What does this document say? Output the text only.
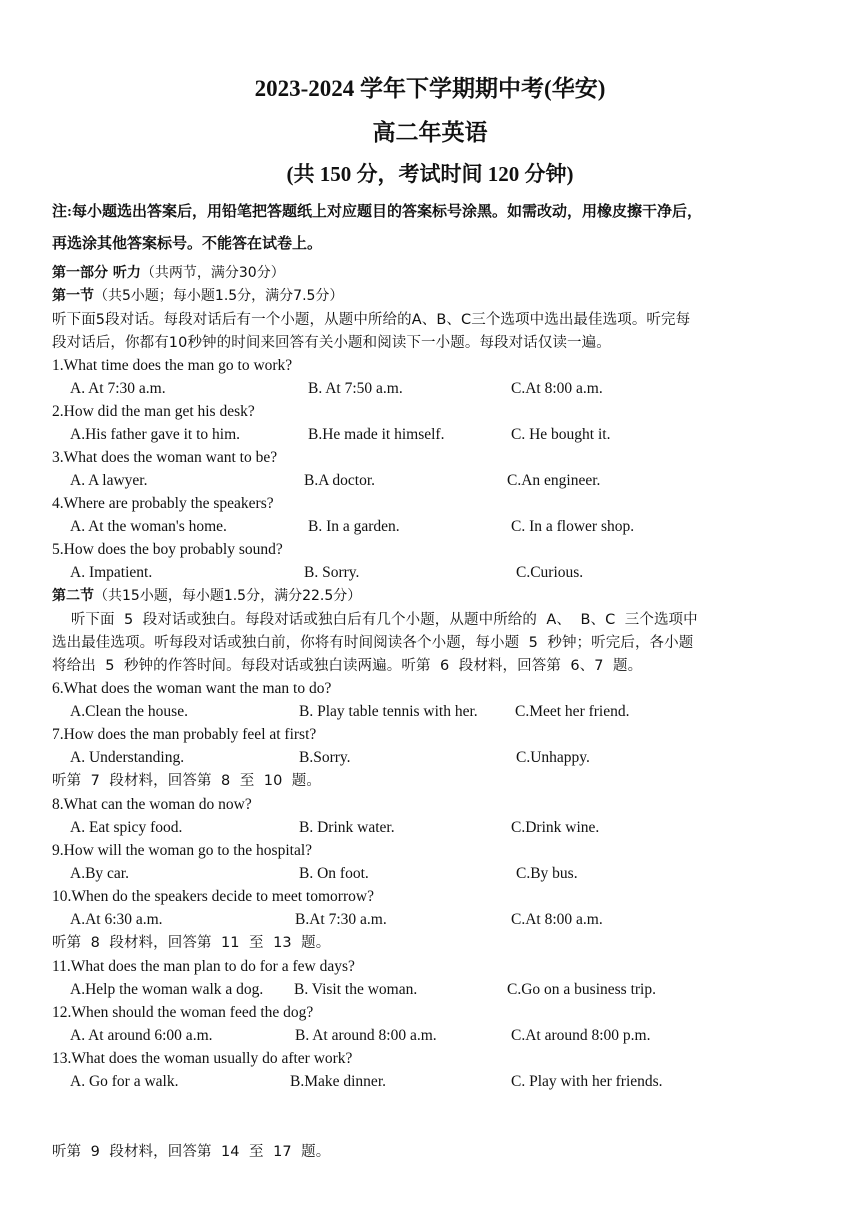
2023-2024 学年下学期期中考(华安)
高二年英语
(共 150 分，考试时间 120 分钟)
注:每小题选出答案后，用铅笔把答题纸上对应题目的答案标号涂黑。如需改动，用橡皮擦干净后，
再选涂其他答案标号。不能答在试卷上。
第一部分 听力（共两节，满分30分）
第一节（共5小题；每小题1.5分，满分7.5分）
听下面5段对话。每段对话后有一个小题，从题中所给的A、B、C三个选项中选出最佳选项。听完每
段对话后，你都有10秒钟的时间来回答有关小题和阅读下一小题。每段对话仅读一遍。
1.What time does the man go to work?
A. At 7:30 a.m.	B. At 7:50 a.m.	C.At 8:00 a.m.
2.How did the man get his desk?
A.His father gave it to him.	B.He made it himself.	C. He bought it.
3.What does the woman want to be?
A. A lawyer.	B.A doctor.	C.An engineer.
4.Where are probably the speakers?
A. At the woman's home.	B. In a garden.	C. In a flower shop.
5.How does the boy probably sound?
A. Impatient.	B. Sorry.	C.Curious.
第二节（共15小题，每小题1.5分，满分22.5分）
听下面  5  段对话或独白。每段对话或独白后有几个小题，从题中所给的  A、  B、C  三个选项中
选出最佳选项。听每段对话或独白前，你将有时间阅读各个小题，每小题  5  秒钟；听完后，各小题
将给出  5  秒钟的作答时间。每段对话或独白读两遍。听第  6  段材料，回答第  6、7  题。
6.What does the woman want the man to do?
A.Clean the house.	B. Play table tennis with her. C.Meet her friend.
7.How does the man probably feel at first?
A. Understanding.	B.Sorry.	C.Unhappy.
听第  7  段材料，回答第  8  至  10  题。
8.What can the woman do now?
A. Eat spicy food.	B. Drink water.	C.Drink wine.
9.How will the woman go to the hospital?
A.By car.	B. On foot.	C.By bus.
10.When do the speakers decide to meet tomorrow?
A.At 6:30 a.m.	B.At 7:30 a.m.	C.At 8:00 a.m.
听第  8  段材料，回答第  11  至  13  题。
11.What does the man plan to do for a few days?
A.Help the woman walk a dog. B. Visit the woman.	C.Go on a business trip.
12.When should the woman feed the dog?
A. At around 6:00 a.m.	B. At around 8:00 a.m.	C.At around 8:00 p.m.
13.What does the woman usually do after work?
A. Go for a walk.	B.Make dinner.	C. Play with her friends.
听第  9  段材料，回答第  14  至  17  题。
